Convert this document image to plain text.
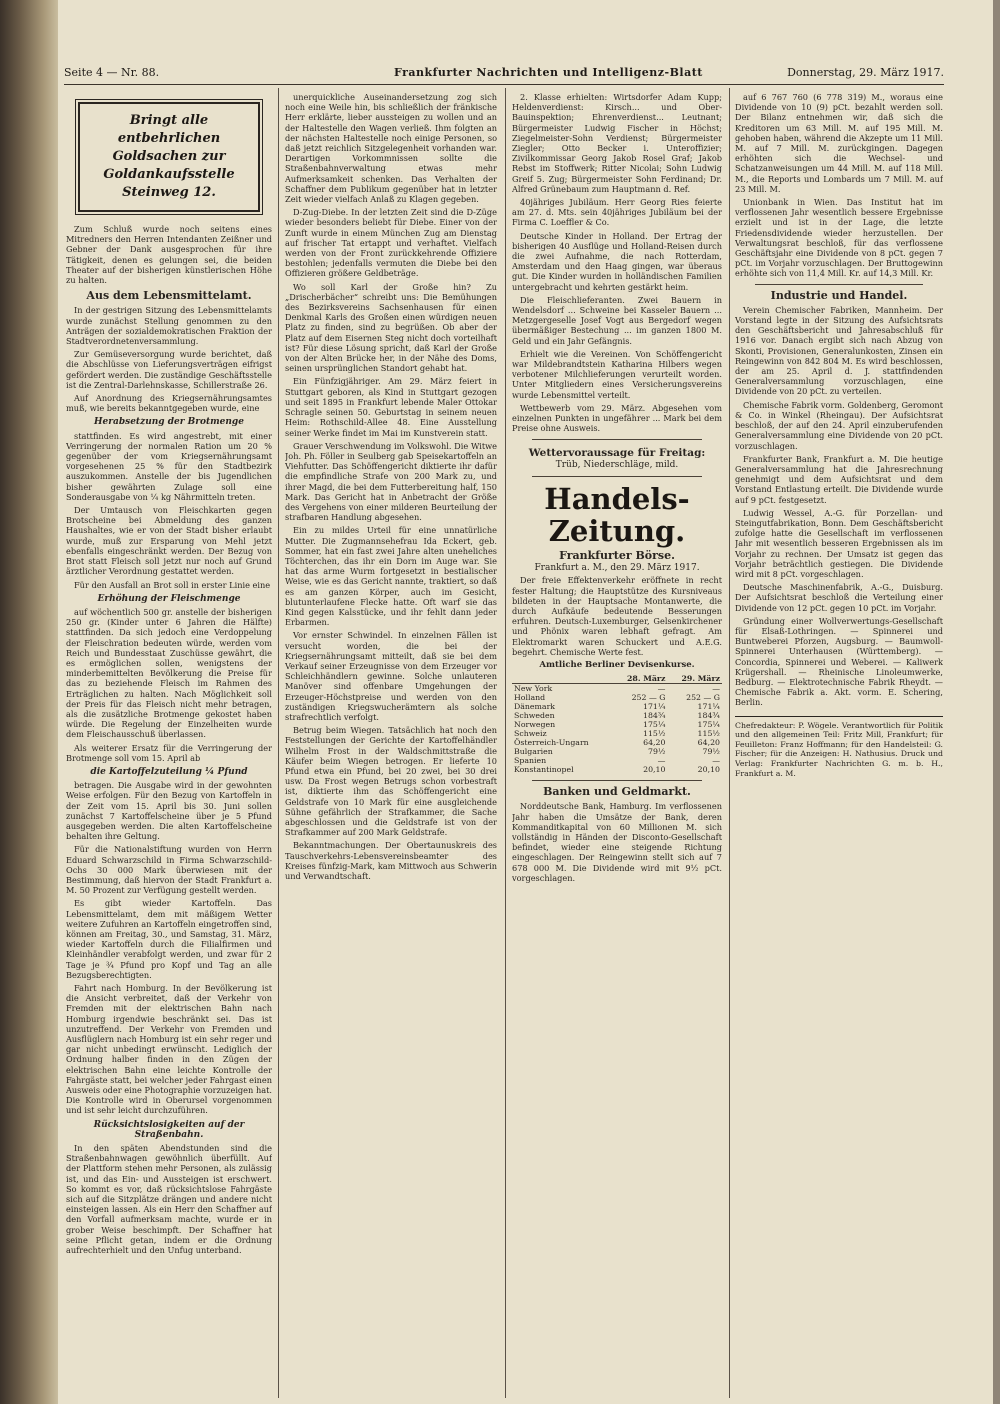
Seite 4 — Nr. 88.	Frankfurter Nachrichten und Intelligenz-Blatt	Donnerstag, 29. März 1917.
Bringt alle entbehrlichen Goldsachen zur Goldankaufsstelle Steinweg 12.

Zum Schluß wurde noch seitens eines Mitredners den Herren Intendanten Zeißner und Gebner der Dank ausgesprochen für ihre Tätigkeit, denen es gelungen sei, die beiden Theater auf der bisherigen künstlerischen Höhe zu halten.

Aus dem Lebensmittelamt.

In der gestrigen Sitzung des Lebensmittelamts wurde zunächst Stellung genommen zu den Anträgen der sozialdemokratischen Fraktion der Stadtverordnetenversammlung.

Zur Gemüseversorgung wurde berichtet, daß die Abschlüsse von Lieferungsverträgen eifrigst gefördert werden. Die zuständige Geschäftsstelle ist die Zentral-Darlehnskasse, Schillerstraße 26.

Auf Anordnung des Kriegsernährungsamtes muß, wie bereits bekanntgegeben wurde, eine

Herabsetzung der Brotmenge

stattfinden. Es wird angestrebt, mit einer Verringerung der normalen Ration um 20 % gegenüber der vom Kriegsernährungsamt vorgesehenen 25 % für den Stadtbezirk auszukommen. Anstelle der bis Jugendlichen bisher gewährten Zulage soll eine Sonderausgabe von ¼ kg Nährmitteln treten.

Der Umtausch von Fleischkarten gegen Brotscheine bei Abmeldung des ganzen Haushaltes, wie er von der Stadt bisher erlaubt wurde, muß zur Ersparung von Mehl jetzt ebenfalls eingeschränkt werden. Der Bezug von Brot statt Fleisch soll jetzt nur noch auf Grund ärztlicher Verordnung gestattet werden.

Für den Ausfall an Brot soll in erster Linie eine

Erhöhung der Fleischmenge

auf wöchentlich 500 gr. anstelle der bisherigen 250 gr. (Kinder unter 6 Jahren die Hälfte) stattfinden. Da sich jedoch eine Verdoppelung der Fleischration bedeuten würde, werden vom Reich und Bundesstaat Zuschüsse gewährt, die es ermöglichen sollen, wenigstens der minderbemittelten Bevölkerung die Preise für das zu beziehende Fleisch im Rahmen des Erträglichen zu halten. Nach Möglichkeit soll der Preis für das Fleisch nicht mehr betragen, als die zusätzliche Brotmenge gekostet haben würde. Die Regelung der Einzelheiten wurde dem Fleischausschuß überlassen.

Als weiterer Ersatz für die Verringerung der Brotmenge soll vom 15. April ab

die Kartoffelzuteilung ¼ Pfund

betragen. Die Ausgabe wird in der gewohnten Weise erfolgen. Für den Bezug von Kartoffeln in der Zeit vom 15. April bis 30. Juni sollen zunächst 7 Kartoffelscheine über je 5 Pfund ausgegeben werden. Die alten Kartoffelscheine behalten ihre Geltung.

Für die Nationalstiftung wurden von Herrn Eduard Schwarzschild in Firma Schwarzschild-Ochs 30 000 Mark überwiesen mit der Bestimmung, daß hiervon der Stadt Frankfurt a. M. 50 Prozent zur Verfügung gestellt werden.

Es gibt wieder Kartoffeln. Das Lebensmittelamt, dem mit mäßigem Wetter weitere Zufuhren an Kartoffeln eingetroffen sind, können am Freitag, 30., und Samstag, 31. März, wieder Kartoffeln durch die Filialfirmen und Kleinhändler verabfolgt werden, und zwar für 2 Tage je ¾ Pfund pro Kopf und Tag an alle Bezugsberechtigten.

Fahrt nach Homburg. In der Bevölkerung ist die Ansicht verbreitet, daß der Verkehr von Fremden mit der elektrischen Bahn nach Homburg irgendwie beschränkt sei. Das ist unzutreffend. Der Verkehr von Fremden und Ausflüglern nach Homburg ist ein sehr reger und gar nicht unbedingt erwünscht. Lediglich der Ordnung halber finden in den Zügen der elektrischen Bahn eine leichte Kontrolle der Fahrgäste statt, bei welcher jeder Fahrgast einen Ausweis oder eine Photographie vorzuzeigen hat. Die Kontrolle wird in Oberursel vorgenommen und ist sehr leicht durchzuführen.

Rücksichtslosigkeiten auf der Straßenbahn.

In den späten Abendstunden sind die Straßenbahnwagen gewöhnlich überfüllt. Auf der Plattform stehen mehr Personen, als zulässig ist, und das Ein- und Aussteigen ist erschwert. So kommt es vor, daß rücksichtslose Fahrgäste sich auf die Sitzplätze drängen und andere nicht einsteigen lassen. Als ein Herr den Schaffner auf den Vorfall aufmerksam machte, wurde er in grober Weise beschimpft. Der Schaffner hat seine Pflicht getan, indem er die Ordnung aufrechterhielt und den Unfug unterband.

unerquickliche Auseinandersetzung zog sich noch eine Weile hin, bis schließlich der fränkische Herr erklärte, lieber aussteigen zu wollen und an der Haltestelle den Wagen verließ. Ihm folgten an der nächsten Haltestelle noch einige Personen, so daß jetzt reichlich Sitzgelegenheit vorhanden war. Derartigen Vorkommnissen sollte die Straßenbahnverwaltung etwas mehr Aufmerksamkeit schenken. Das Verhalten der Schaffner dem Publikum gegenüber hat in letzter Zeit wieder vielfach Anlaß zu Klagen gegeben.

D-Zug-Diebe. In der letzten Zeit sind die D-Züge wieder besonders beliebt für Diebe. Einer von der Zunft wurde in einem München Zug am Dienstag auf frischer Tat ertappt und verhaftet. Vielfach werden von der Front zurückkehrende Offiziere bestohlen; jedenfalls vermuten die Diebe bei den Offizieren größere Geldbeträge.

Wo soll Karl der Große hin? Zu „Drischerbächer“ schreibt uns: Die Bemühungen des Bezirksvereins Sachsenhausen für einen Denkmal Karls des Großen einen würdigen neuen Platz zu finden, sind zu begrüßen. Ob aber der Platz auf dem Eisernen Steg nicht doch vorteilhaft ist? Für diese Lösung spricht, daß Karl der Große von der Alten Brücke her, in der Nähe des Doms, seinen ursprünglichen Standort gehabt hat.

Ein Fünfzigjähriger. Am 29. März feiert in Stuttgart geboren, als Kind in Stuttgart gezogen und seit 1895 in Frankfurt lebende Maler Ottokar Schragle seinen 50. Geburtstag in seinem neuen Heim: Rothschild-Allee 48. Eine Ausstellung seiner Werke findet im Mai im Kunstverein statt.

Grauer Verschwendung im Volkswohl. Die Witwe Joh. Ph. Föller in Seulberg gab Speisekartoffeln an Viehfutter. Das Schöffengericht diktierte ihr dafür die empfindliche Strafe von 200 Mark zu, und ihrer Magd, die bei dem Futterbereitung half, 150 Mark. Das Gericht hat in Anbetracht der Größe des Vergehens von einer milderen Beurteilung der strafbaren Handlung abgesehen.

Ein zu mildes Urteil für eine unnatürliche Mutter. Die Zugmannsehefrau Ida Eckert, geb. Sommer, hat ein fast zwei Jahre alten uneheliches Töchterchen, das ihr ein Dorn im Auge war. Sie hat das arme Wurm fortgesetzt in bestialischer Weise, wie es das Gericht nannte, traktiert, so daß es am ganzen Körper, auch im Gesicht, blutunterlaufene Flecke hatte. Oft warf sie das Kind gegen Kalsstücke, und ihr fehlt dann jeder Erbarmen.

Vor ernster Schwindel. In einzelnen Fällen ist versucht worden, die bei der Kriegsernährungsamt mitteilt, daß sie bei dem Verkauf seiner Erzeugnisse von dem Erzeuger vor Schleichhändlern gewinne. Solche unlauteren Manöver sind offenbare Umgehungen der Erzeuger-Höchstpreise und werden von den zuständigen Kriegswucherämtern als solche strafrechtlich verfolgt.

Betrug beim Wiegen. Tatsächlich hat noch den Feststellungen der Gerichte der Kartoffelhändler Wilhelm Frost in der Waldschmittstraße die Käufer beim Wiegen betrogen. Er lieferte 10 Pfund etwa ein Pfund, bei 20 zwei, bei 30 drei usw. Da Frost wegen Betrugs schon vorbestraft ist, diktierte ihm das Schöffengericht eine Geldstrafe von 10 Mark für eine ausgleichende Sühne gefährlich der Strafkammer, die Sache abgeschlossen und die Geldstrafe ist von der Strafkammer auf 200 Mark Geldstrafe.

Bekanntmachungen. Der Obertaunuskreis des Tauschverkehrs-Lebensvereinsbeamter des Kreises fünfzig-Mark, kam Mittwoch aus Schwerin und Verwandtschaft.

2. Klasse erhielten: Wirtsdorfer Adam Kupp; Heldenverdienst: Kirsch... und Ober-Bauinspektion; Ehrenverdienst... Leutnant; Bürgermeister Ludwig Fischer in Höchst; Ziegelmeister-Sohn Verdienst; Bürgermeister Ziegler; Otto Becker i. Unteroffizier; Zivilkommissar Georg Jakob Rosel Graf; Jakob Rebst im Stoffwerk; Ritter Nicolai; Sohn Ludwig Greif 5. Zug; Bürgermeister Sohn Ferdinand; Dr. Alfred Grünebaum zum Hauptmann d. Ref.

40jähriges Jubiläum. Herr Georg Ries feierte am 27. d. Mts. sein 40jähriges Jubiläum bei der Firma C. Loeffler & Co.

Deutsche Kinder in Holland. Der Ertrag der bisherigen 40 Ausflüge und Holland-Reisen durch die zwei Aufnahme, die nach Rotterdam, Amsterdam und den Haag gingen, war überaus gut. Die Kinder wurden in holländischen Familien untergebracht und kehrten gestärkt heim.

Die Fleischlieferanten. Zwei Bauern in Wendelsdorf ... Schweine bei Kasseler Bauern ... Metzgergeselle Josef Vogt aus Bergedorf wegen übermäßiger Bestechung ... im ganzen 1800 M. Geld und ein Jahr Gefängnis.

Erhielt wie die Vereinen. Von Schöffengericht war Mildebrandtstein Katharina Hilbers wegen verbotener Milchlieferungen verurteilt worden. Unter Mitgliedern eines Versicherungsvereins wurde Lebensmittel verteilt.

Wettbewerb vom 29. März. Abgesehen vom einzelnen Punkten in ungefährer ... Mark bei dem Preise ohne Ausweis.

Wettervoraussage für Freitag:
Trüb, Niederschläge, mild.
Handels-Zeitung.
Frankfurter Börse.
Frankfurt a. M., den 29. März 1917.

Der freie Effektenverkehr eröffnete in recht fester Haltung; die Hauptstütze des Kursniveaus bildeten in der Hauptsache Montanwerte, die durch Aufkäufe bedeutende Besserungen erfuhren. Deutsch-Luxemburger, Gelsenkirchener und Phönix waren lebhaft gefragt. Am Elektromarkt waren Schuckert und A.E.G. begehrt. Chemische Werte fest.

Amtliche Berliner Devisenkurse.
	28. März	29. März
New York	—	—
Holland	252 — G	252 — G
Dänemark	171¼	171¼
Schweden	184¾	184¾
Norwegen	175¼	175¼
Schweiz	115½	115½
Österreich-Ungarn	64,20	64,20
Bulgarien	79½	79½
Spanien	—	—
Konstantinopel	20,10	20,10
Banken und Geldmarkt.

Norddeutsche Bank, Hamburg. Im verflossenen Jahr haben die Umsätze der Bank, deren Kommanditkapital von 60 Millionen M. sich vollständig in Händen der Disconto-Gesellschaft befindet, wieder eine steigende Richtung eingeschlagen. Der Reingewinn stellt sich auf 7 678 000 M. Die Dividende wird mit 9½ pCt. vorgeschlagen.

auf 6 767 760 (6 778 319) M., woraus eine Dividende von 10 (9) pCt. bezahlt werden soll. Der Bilanz entnehmen wir, daß sich die Kreditoren um 63 Mill. M. auf 195 Mill. M. gehoben haben, während die Akzepte um 11 Mill. M. auf 7 Mill. M. zurückgingen. Dagegen erhöhten sich die Wechsel- und Schatzanweisungen um 44 Mill. M. auf 118 Mill. M., die Reports und Lombards um 7 Mill. M. auf 23 Mill. M.

Unionbank in Wien. Das Institut hat im verflossenen Jahr wesentlich bessere Ergebnisse erzielt und ist in der Lage, die letzte Friedensdividende wieder herzustellen. Der Verwaltungsrat beschloß, für das verflossene Geschäftsjahr eine Dividende von 8 pCt. gegen 7 pCt. im Vorjahr vorzuschlagen. Der Bruttogewinn erhöhte sich von 11,4 Mill. Kr. auf 14,3 Mill. Kr.

Industrie und Handel.

Verein Chemischer Fabriken, Mannheim. Der Vorstand legte in der Sitzung des Aufsichtsrats den Geschäftsbericht und Jahresabschluß für 1916 vor. Danach ergibt sich nach Abzug von Skonti, Provisionen, Generalunkosten, Zinsen ein Reingewinn von 842 804 M. Es wird beschlossen, der am 25. April d. J. stattfindenden Generalversammlung vorzuschlagen, eine Dividende von 20 pCt. zu verteilen.

Chemische Fabrik vorm. Goldenberg, Geromont & Co. in Winkel (Rheingau). Der Aufsichtsrat beschloß, der auf den 24. April einzuberufenden Generalversammlung eine Dividende von 20 pCt. vorzuschlagen.

Frankfurter Bank, Frankfurt a. M. Die heutige Generalversammlung hat die Jahresrechnung genehmigt und dem Aufsichtsrat und dem Vorstand Entlastung erteilt. Die Dividende wurde auf 9 pCt. festgesetzt.

Ludwig Wessel, A.-G. für Porzellan- und Steingutfabrikation, Bonn. Dem Geschäftsbericht zufolge hatte die Gesellschaft im verflossenen Jahr mit wesentlich besseren Ergebnissen als im Vorjahr zu rechnen. Der Umsatz ist gegen das Vorjahr beträchtlich gestiegen. Die Dividende wird mit 8 pCt. vorgeschlagen.

Deutsche Maschinenfabrik, A.-G., Duisburg. Der Aufsichtsrat beschloß die Verteilung einer Dividende von 12 pCt. gegen 10 pCt. im Vorjahr.

Gründung einer Wollverwertungs-Gesellschaft für Elsaß-Lothringen. — Spinnerei und Buntweberei Pforzen, Augsburg. — Baumwoll-Spinnerei Unterhausen (Württemberg). — Concordia, Spinnerei und Weberei. — Kaliwerk Krügershall. — Rheinische Linoleumwerke, Bedburg. — Elektrotechnische Fabrik Rheydt. — Chemische Fabrik a. Akt. vorm. E. Schering, Berlin.

Chefredakteur: P. Wögele. Verantwortlich für Politik und den allgemeinen Teil: Fritz Mill, Frankfurt; für Feuilleton: Franz Hoffmann; für den Handelsteil: G. Fischer; für die Anzeigen: H. Nathusius. Druck und Verlag: Frankfurter Nachrichten G. m. b. H., Frankfurt a. M.
